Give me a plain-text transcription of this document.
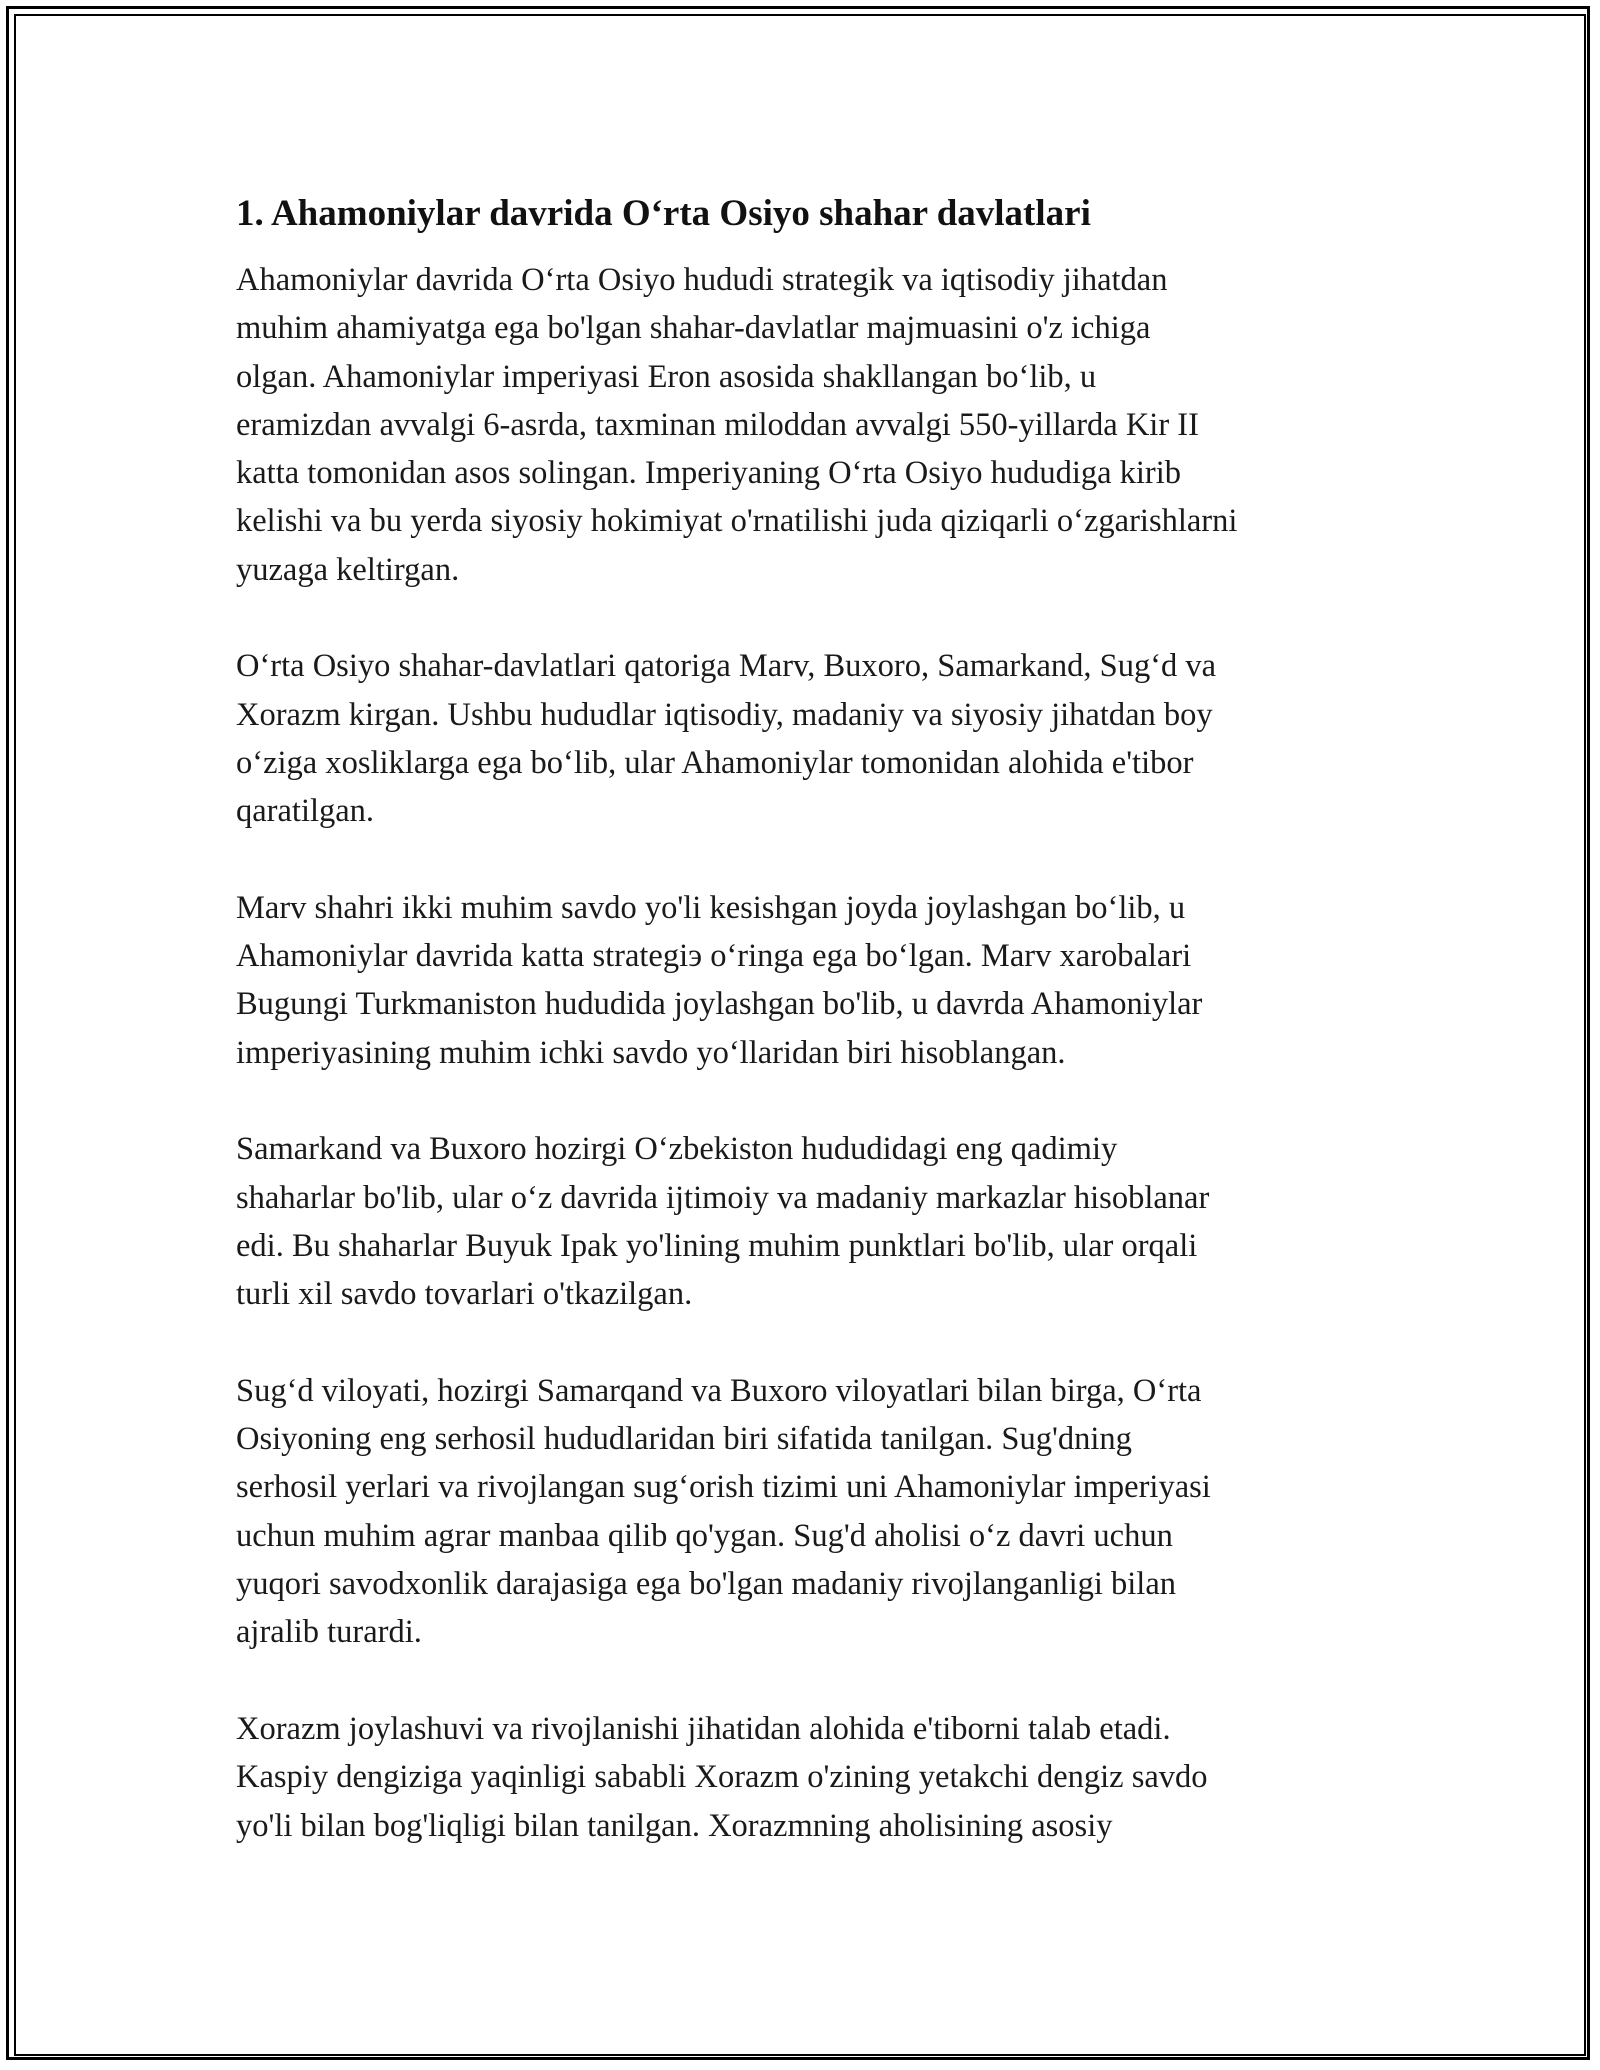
1. Ahamoniylar davrida O‘rta Osiyo shahar davlatlari

Ahamoniylar davrida O‘rta Osiyo hududi strategik va iqtisodiy jihatdan
muhim ahamiyatga ega bo'lgan shahar-davlatlar majmuasini o'z ichiga
olgan. Ahamoniylar imperiyasi Eron asosida shakllangan bo‘lib, u
eramizdan avvalgi 6-asrda, taxminan miloddan avvalgi 550-yillarda Kir II
katta tomonidan asos solingan. Imperiyaning O‘rta Osiyo hududiga kirib
kelishi va bu yerda siyosiy hokimiyat o'rnatilishi juda qiziqarli o‘zgarishlarni
yuzaga keltirgan.

O‘rta Osiyo shahar-davlatlari qatoriga Marv, Buxoro, Samarkand, Sug‘d va
Xorazm kirgan. Ushbu hududlar iqtisodiy, madaniy va siyosiy jihatdan boy
o‘ziga xosliklarga ega bo‘lib, ular Ahamoniylar tomonidan alohida e'tibor
qaratilgan.

Marv shahri ikki muhim savdo yo'li kesishgan joyda joylashgan bo‘lib, u
Ahamoniylar davrida katta strategiэ o‘ringa ega bo‘lgan. Marv xarobalari
Bugungi Turkmaniston hududida joylashgan bo'lib, u davrda Ahamoniylar
imperiyasining muhim ichki savdo yo‘llaridan biri hisoblangan.

Samarkand va Buxoro hozirgi O‘zbekiston hududidagi eng qadimiy
shaharlar bo'lib, ular o‘z davrida ijtimoiy va madaniy markazlar hisoblanar
edi. Bu shaharlar Buyuk Ipak yo'lining muhim punktlari bo'lib, ular orqali
turli xil savdo tovarlari o'tkazilgan.

Sug‘d viloyati, hozirgi Samarqand va Buxoro viloyatlari bilan birga, O‘rta
Osiyoning eng serhosil hududlaridan biri sifatida tanilgan. Sug'dning
serhosil yerlari va rivojlangan sug‘orish tizimi uni Ahamoniylar imperiyasi
uchun muhim agrar manbaa qilib qo'ygan. Sug'd aholisi o‘z davri uchun
yuqori savodxonlik darajasiga ega bo'lgan madaniy rivojlanganligi bilan
ajralib turardi.

Xorazm joylashuvi va rivojlanishi jihatidan alohida e'tiborni talab etadi.
Kaspiy dengiziga yaqinligi sababli Xorazm o'zining yetakchi dengiz savdo
yo'li bilan bog'liqligi bilan tanilgan. Xorazmning aholisining asosiy
